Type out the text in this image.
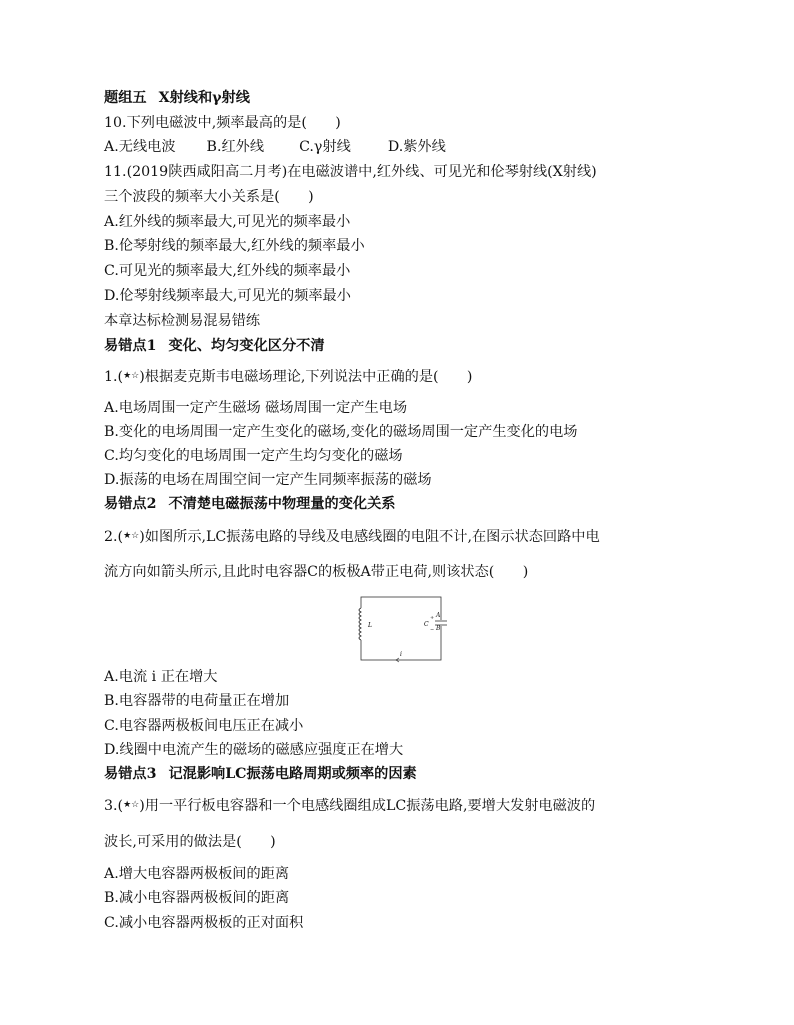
题组五 X射线和γ射线
10.下列电磁波中,频率最高的是(　　)
A.无线电波 B.红外线 C.γ射线	D.紫外线
11.(2019陕西咸阳高二月考)在电磁波谱中,红外线、可见光和伦琴射线(X射线)
三个波段的频率大小关系是(　　)
A.红外线的频率最大,可见光的频率最小
B.伦琴射线的频率最大,红外线的频率最小
C.可见光的频率最大,红外线的频率最小
D.伦琴射线频率最大,可见光的频率最小
本章达标检测易混易错练
易错点1 变化、均匀变化区分不清
1.(★☆)根据麦克斯韦电磁场理论,下列说法中正确的是(　　)
A.电场周围一定产生磁场 磁场周围一定产生电场
B.变化的电场周围一定产生变化的磁场,变化的磁场周围一定产生变化的电场
C.均匀变化的电场周围一定产生均匀变化的磁场
D.振荡的电场在周围空间一定产生同频率振荡的磁场
易错点2 不清楚电磁振荡中物理量的变化关系
2.(★☆)如图所示,LC振荡电路的导线及电感线圈的电阻不计,在图示状态回路中电
流方向如箭头所示,且此时电容器C的板极A带正电荷,则该状态(　　)
L	C
+
−
i
A
B
A.电流 i 正在增大
B.电容器带的电荷量正在增加
C.电容器两极板间电压正在减小
D.线圈中电流产生的磁场的磁感应强度正在增大
易错点3 记混影响LC振荡电路周期或频率的因素
3.(★☆)用一平行板电容器和一个电感线圈组成LC振荡电路,要增大发射电磁波的
波长,可采用的做法是(　　)
A.增大电容器两极板间的距离
B.减小电容器两极板间的距离
C.减小电容器两极板的正对面积
